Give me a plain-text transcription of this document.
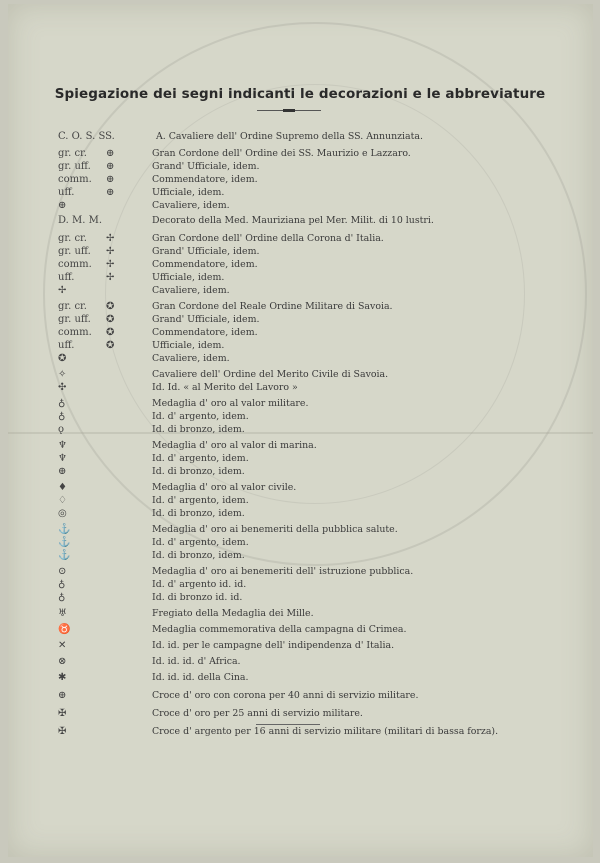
Spiegazione dei segni indicanti le decorazioni e le abbreviature
C. O. S. SS.	A. Cavaliere dell' Ordine Supremo della SS. Annunziata.
gr. cr. ⊕	Gran Cordone dell' Ordine dei SS. Maurizio e Lazzaro.
gr. uff. ⊕	Grand' Ufficiale, idem.
comm. ⊕	Commendatore, idem.
uff.	⊕	Ufficiale, idem.
⊕	Cavaliere, idem.
D. M. M.	Decorato della Med. Mauriziana pel Mer. Milit. di 10 lustri.
gr. cr. ✢	Gran Cordone dell' Ordine della Corona d' Italia.
gr. uff. ✢	Grand' Ufficiale, idem.
comm. ✢	Commendatore, idem.
uff.	✢	Ufficiale, idem.
✢	Cavaliere, idem.
gr. cr. ✪	Gran Cordone del Reale Ordine Militare di Savoia.
gr. uff. ✪	Grand' Ufficiale, idem.
comm. ✪	Commendatore, idem.
uff.	✪	Ufficiale, idem.
✪	Cavaliere, idem.
✧	Cavaliere dell' Ordine del Merito Civile di Savoia.
✣	Id. Id. « al Merito del Lavoro »
♁	Medaglia d' oro al valor militare.
♁	Id. d' argento, idem.
ǫ	Id. di bronzo, idem.
♆	Medaglia d' oro al valor di marina.
♆	Id. d' argento, idem.
⊕	Id. di bronzo, idem.
♦	Medaglia d' oro al valor civile.
♢	Id. d' argento, idem.
◎	Id. di bronzo, idem.
⚓	Medaglia d' oro ai benemeriti della pubblica salute.
⚓	Id. d' argento, idem.
⚓	Id. di bronzo, idem.
⊙	Medaglia d' oro ai benemeriti dell' istruzione pubblica.
♁	Id. d' argento id. id.
♁	Id. di bronzo id. id.
♅	Fregiato della Medaglia dei Mille.
♉	Medaglia commemorativa della campagna di Crimea.
✕	Id. id. per le campagne dell' indipendenza d' Italia.
⊗	Id. id. id. d' Africa.
✱	Id. id. id. della Cina.
⊕	Croce d' oro con corona per 40 anni di servizio militare.
✠	Croce d' oro per 25 anni di servizio militare.
✠	Croce d' argento per 16 anni di servizio militare (militari di bassa forza).
